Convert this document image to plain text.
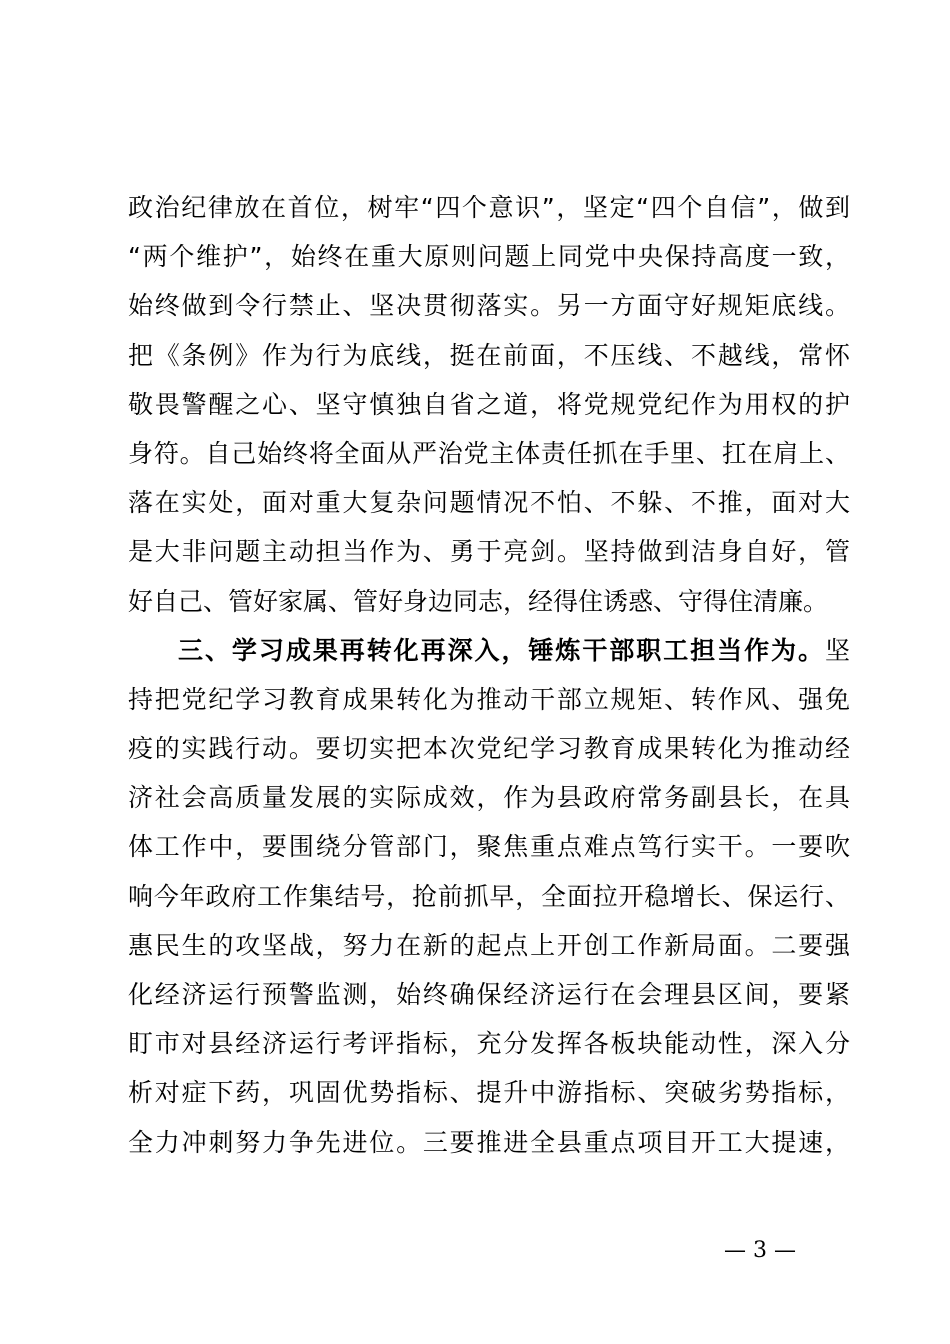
政治纪律放在首位，树牢“四个意识”，坚定“四个自信”，做到
“两个维护”，始终在重大原则问题上同党中央保持高度一致，
始终做到令行禁止、坚决贯彻落实。另一方面守好规矩底线。
把《条例》作为行为底线，挺在前面，不压线、不越线，常怀
敬畏警醒之心、坚守慎独自省之道，将党规党纪作为用权的护
身符。自己始终将全面从严治党主体责任抓在手里、扛在肩上、
落在实处，面对重大复杂问题情况不怕、不躲、不推，面对大
是大非问题主动担当作为、勇于亮剑。坚持做到洁身自好，管
好自己、管好家属、管好身边同志，经得住诱惑、守得住清廉。
三、学习成果再转化再深入，锤炼干部职工担当作为。坚
持把党纪学习教育成果转化为推动干部立规矩、转作风、强免
疫的实践行动。要切实把本次党纪学习教育成果转化为推动经
济社会高质量发展的实际成效，作为县政府常务副县长，在具
体工作中，要围绕分管部门，聚焦重点难点笃行实干。一要吹
响今年政府工作集结号，抢前抓早，全面拉开稳增长、保运行、
惠民生的攻坚战，努力在新的起点上开创工作新局面。二要强
化经济运行预警监测，始终确保经济运行在会理县区间，要紧
盯市对县经济运行考评指标，充分发挥各板块能动性，深入分
析对症下药，巩固优势指标、提升中游指标、突破劣势指标，
全力冲刺努力争先进位。三要推进全县重点项目开工大提速，
— 3 —
